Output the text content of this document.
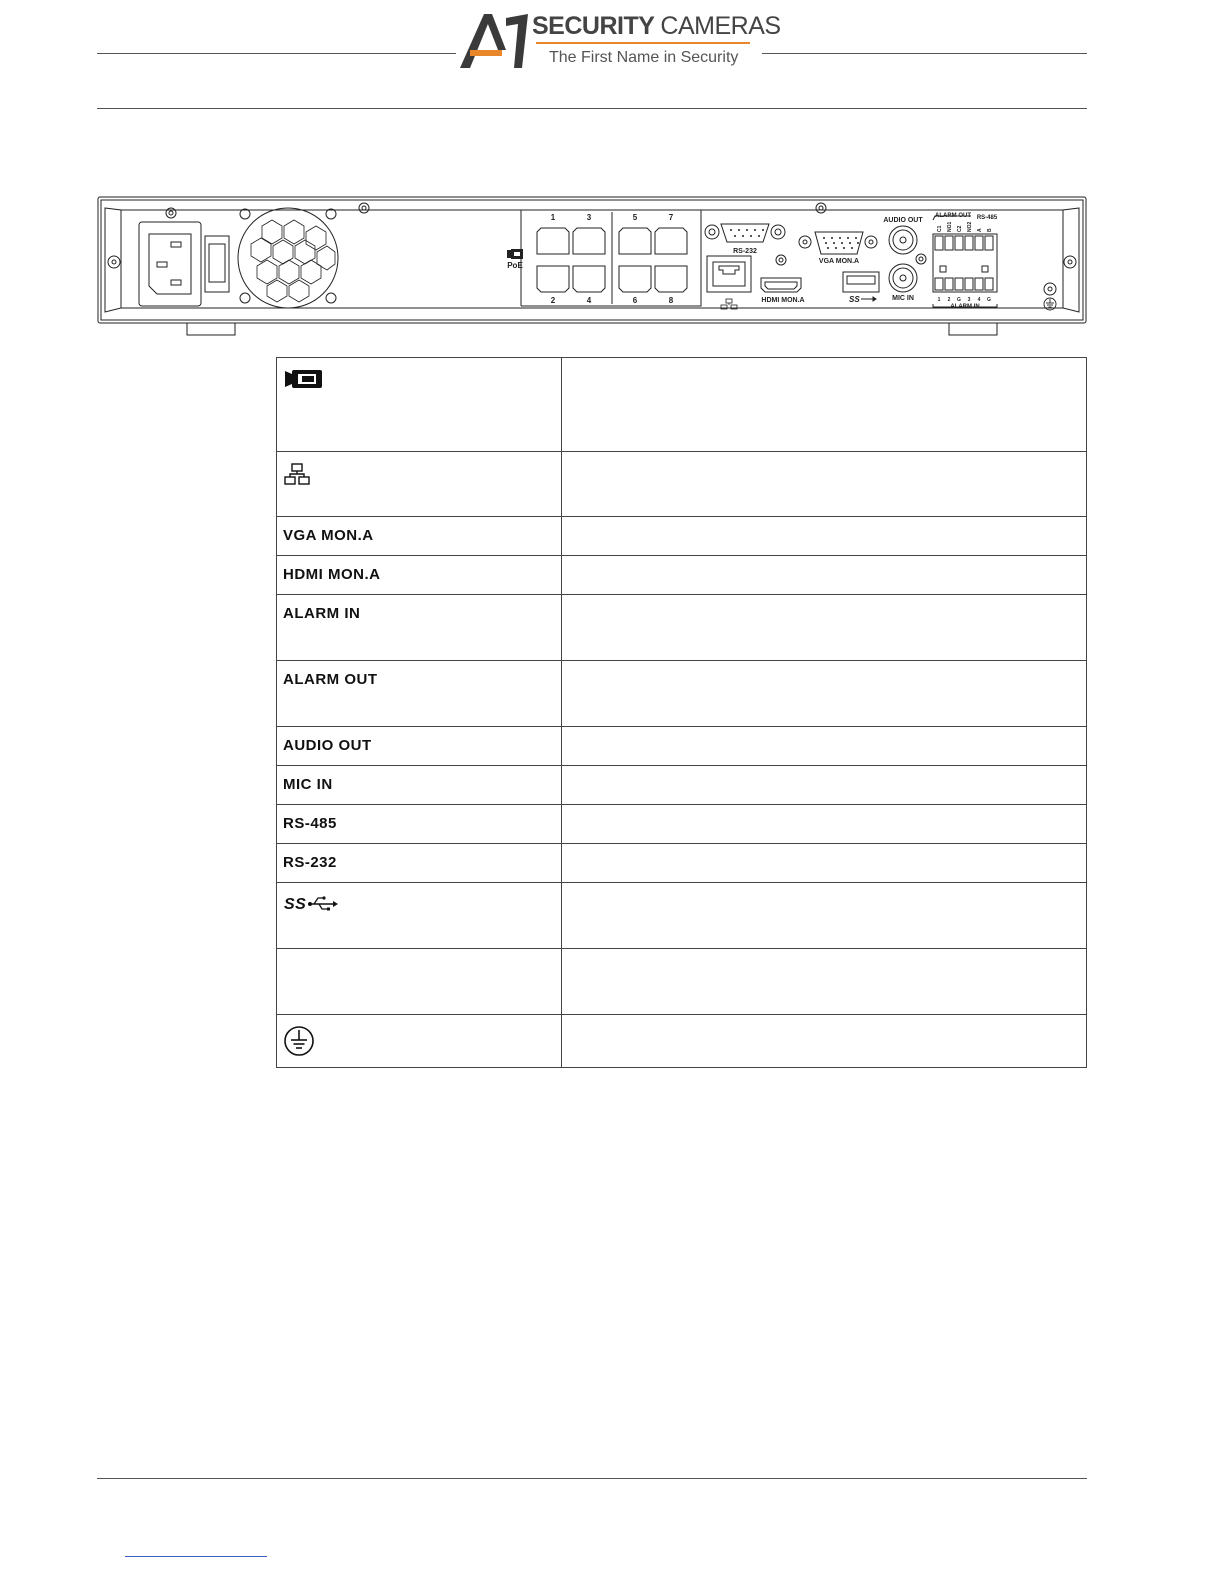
SECURITY CAMERAS
The First Name in Security
1	3	5	7
2	4	6	8
PoE
RS-232
HDMI MON.A
VGA MON.A
SS
AUDIO OUT
MIC IN
ALARM OUT RS-485
ALARM IN
1 2 G 3 4 G
C1 NO1 C2 NO2 A B

VGA MON.A	
HDMI MON.A	
ALARM IN	
ALARM OUT	
AUDIO OUT	
MIC IN	
RS-485	
RS-232	

SS	
